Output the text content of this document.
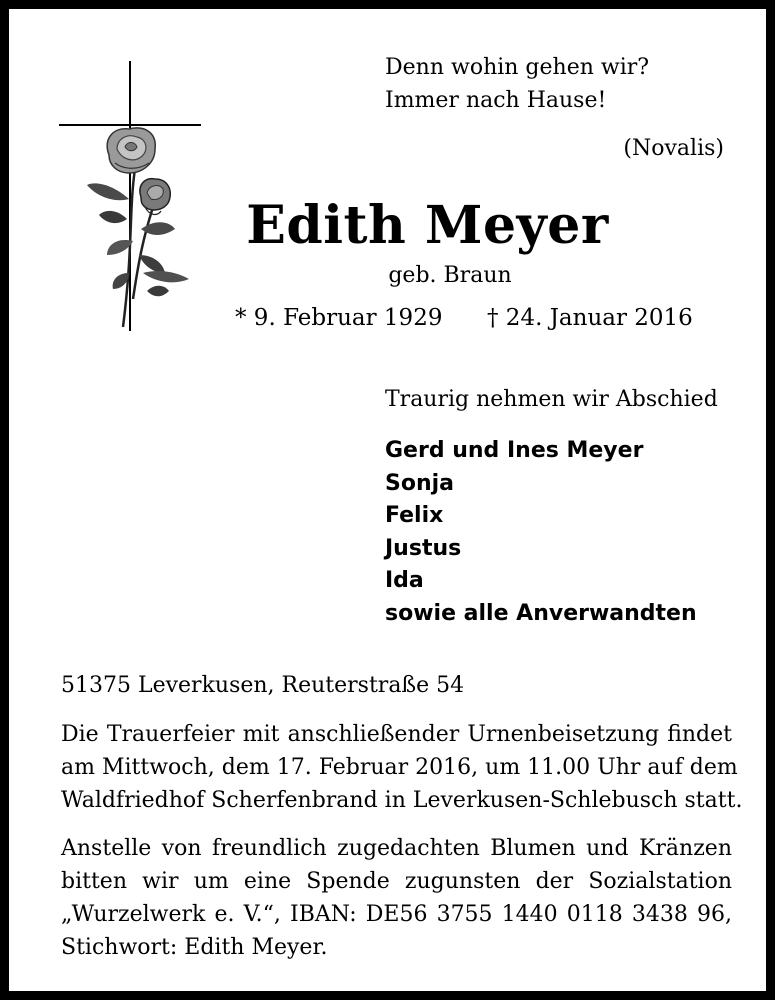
Denn wohin gehen wir?
Immer nach Hause!
(Novalis)
Edith Meyer
geb. Braun
* 9. Februar 1929 † 24. Januar 2016
Traurig nehmen wir Abschied
Gerd und Ines Meyer
Sonja
Felix
Justus
Ida
sowie alle Anverwandten
51375 Leverkusen, Reuterstraße 54
Die Trauerfeier mit anschließender Urnenbeisetzung findet
am Mittwoch, dem 17. Februar 2016, um 11.00 Uhr auf dem
Waldfriedhof Scherfenbrand in Leverkusen-Schlebusch statt.
Anstelle von freundlich zugedachten Blumen und Kränzen
bitten wir um eine Spende zugunsten der Sozialstation
„Wurzelwerk e. V.“, IBAN: DE56 3755 1440 0118 3438 96,
Stichwort: Edith Meyer.
